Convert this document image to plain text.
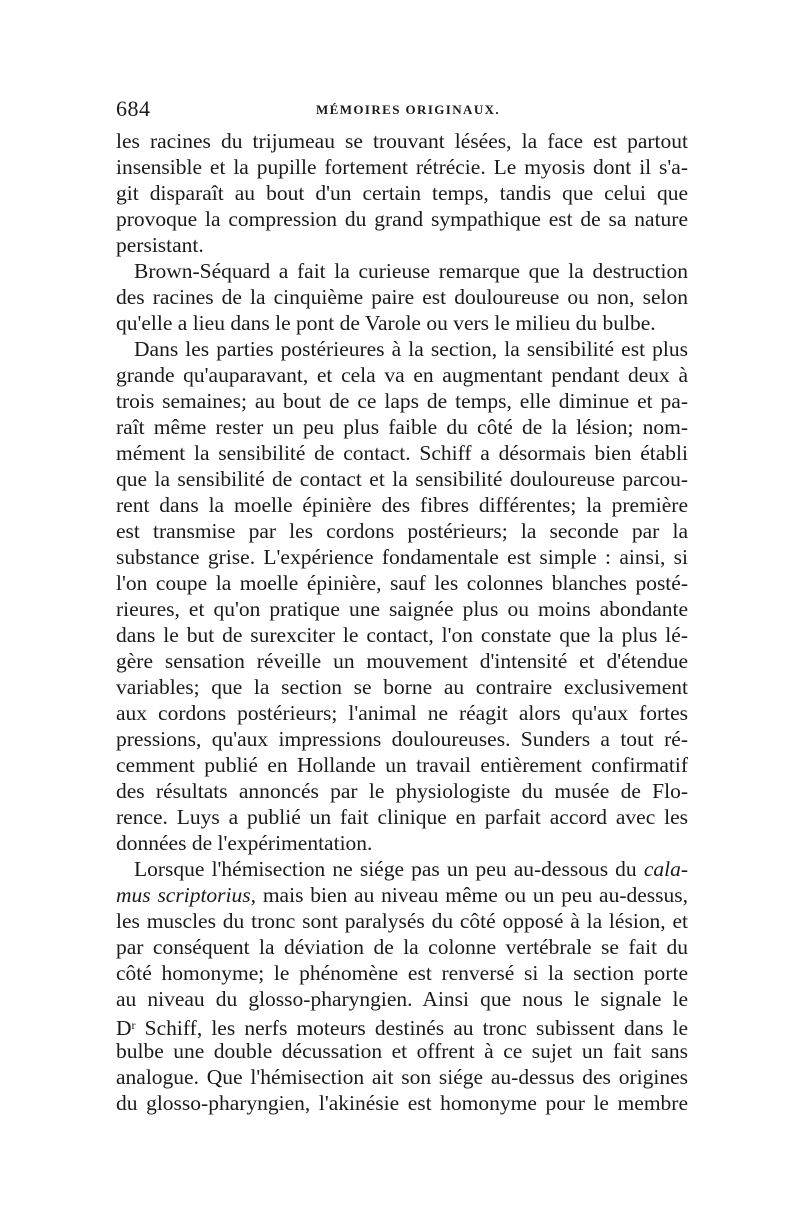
684	MÉMOIRES ORIGINAUX.
les racines du trijumeau se trouvant lésées, la face est partout
insensible et la pupille fortement rétrécie. Le myosis dont il s'a-
git disparaît au bout d'un certain temps, tandis que celui que
provoque la compression du grand sympathique est de sa nature
persistant.
Brown-Séquard a fait la curieuse remarque que la destruction
des racines de la cinquième paire est douloureuse ou non, selon
qu'elle a lieu dans le pont de Varole ou vers le milieu du bulbe.
Dans les parties postérieures à la section, la sensibilité est plus
grande qu'auparavant, et cela va en augmentant pendant deux à
trois semaines; au bout de ce laps de temps, elle diminue et pa-
raît même rester un peu plus faible du côté de la lésion; nom-
mément la sensibilité de contact. Schiff a désormais bien établi
que la sensibilité de contact et la sensibilité douloureuse parcou-
rent dans la moelle épinière des fibres différentes; la première
est transmise par les cordons postérieurs; la seconde par la
substance grise. L'expérience fondamentale est simple : ainsi, si
l'on coupe la moelle épinière, sauf les colonnes blanches posté-
rieures, et qu'on pratique une saignée plus ou moins abondante
dans le but de surexciter le contact, l'on constate que la plus lé-
gère sensation réveille un mouvement d'intensité et d'étendue
variables; que la section se borne au contraire exclusivement
aux cordons postérieurs; l'animal ne réagit alors qu'aux fortes
pressions, qu'aux impressions douloureuses. Sunders a tout ré-
cemment publié en Hollande un travail entièrement confirmatif
des résultats annoncés par le physiologiste du musée de Flo-
rence. Luys a publié un fait clinique en parfait accord avec les
données de l'expérimentation.
Lorsque l'hémisection ne siége pas un peu au-dessous du cala-
mus scriptorius, mais bien au niveau même ou un peu au-dessus,
les muscles du tronc sont paralysés du côté opposé à la lésion, et
par conséquent la déviation de la colonne vertébrale se fait du
côté homonyme; le phénomène est renversé si la section porte
au niveau du glosso-pharyngien. Ainsi que nous le signale le
$D^r$ Schiff, les nerfs moteurs destinés au tronc subissent dans le
bulbe une double décussation et offrent à ce sujet un fait sans
analogue. Que l'hémisection ait son siége au-dessus des origines
du glosso-pharyngien, l'akinésie est homonyme pour le membre
